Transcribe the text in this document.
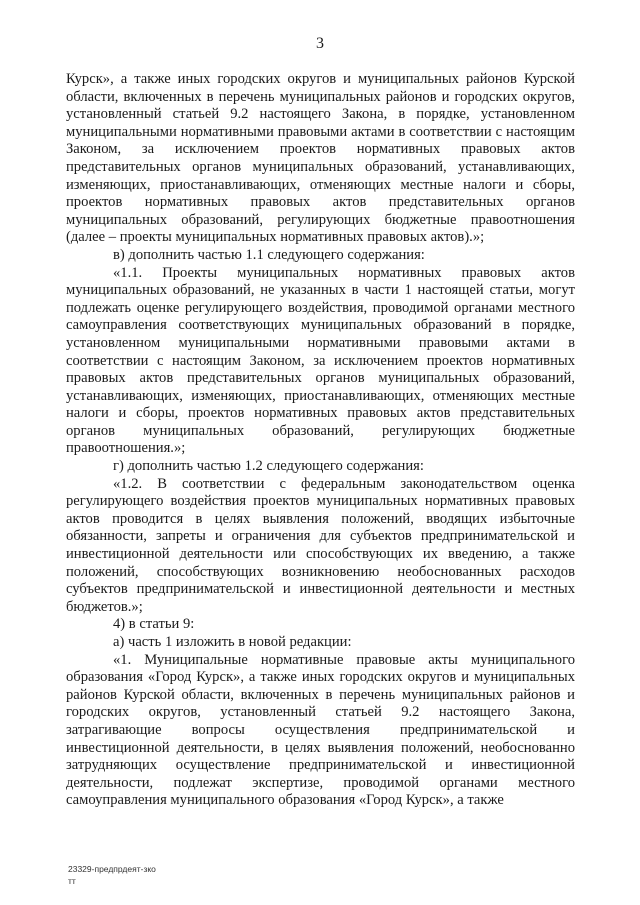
3

Курск», а также иных городских округов и муниципальных районов Курской области, включенных в перечень муниципальных районов и городских округов, установленный статьей 9.2 настоящего Закона, в порядке, установленном муниципальными нормативными правовыми актами в соответствии с настоящим Законом, за исключением проектов нормативных правовых актов представительных органов муниципальных образований, устанавливающих, изменяющих, приостанавливающих, отменяющих местные налоги и сборы, проектов нормативных правовых актов представительных органов муниципальных образований, регулирующих бюджетные правоотношения (далее – проекты муниципальных нормативных правовых актов).»;

в) дополнить частью 1.1 следующего содержания:

«1.1. Проекты муниципальных нормативных правовых актов муниципальных образований, не указанных в части 1 настоящей статьи, могут подлежать оценке регулирующего воздействия, проводимой органами местного самоуправления соответствующих муниципальных образований в порядке, установленном муниципальными нормативными правовыми актами в соответствии с настоящим Законом, за исключением проектов нормативных правовых актов представительных органов муниципальных образований, устанавливающих, изменяющих, приостанавливающих, отменяющих местные налоги и сборы, проектов нормативных правовых актов представительных органов муниципальных образований, регулирующих бюджетные правоотношения.»;

г) дополнить частью 1.2 следующего содержания:

«1.2. В соответствии с федеральным законодательством оценка регулирующего воздействия проектов муниципальных нормативных правовых актов проводится в целях выявления положений, вводящих избыточные обязанности, запреты и ограничения для субъектов предпринимательской и инвестиционной деятельности или способствующих их введению, а также положений, способствующих возникновению необоснованных расходов субъектов предпринимательской и инвестиционной деятельности и местных бюджетов.»;

4) в статьи 9:

а) часть 1 изложить в новой редакции:

«1. Муниципальные нормативные правовые акты муниципального образования «Город Курск», а также иных городских округов и муниципальных районов Курской области, включенных в перечень муниципальных районов и городских округов, установленный статьей 9.2 настоящего Закона, затрагивающие вопросы осуществления предпринимательской и инвестиционной деятельности, в целях выявления положений, необоснованно затрудняющих осуществление предпринимательской и инвестиционной деятельности, подлежат экспертизе, проводимой органами местного самоуправления муниципального образования «Город Курск», а также

23329-предпрдеят-зко
тт
